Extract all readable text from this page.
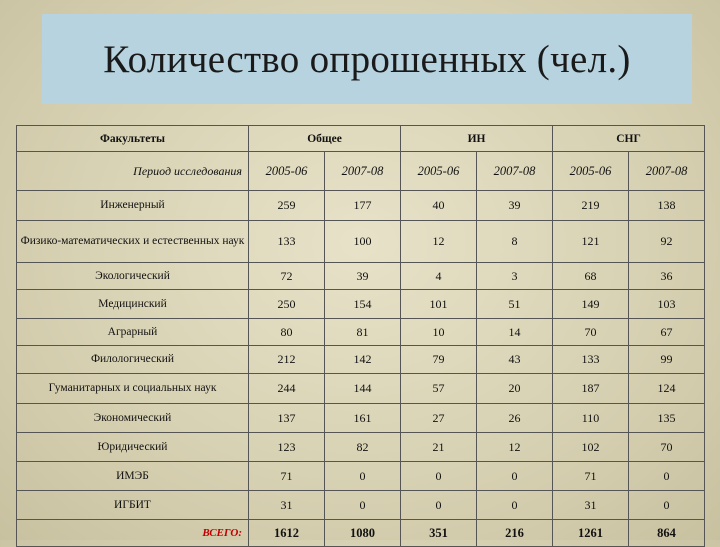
Количество опрошенных (чел.)
Факультеты	Общее		ИН		СНГ	
Период исследования	2005-06	2007-08	2005-06	2007-08	2005-06	2007-08
Инженерный	259	177	40	39	219	138
Физико-математических и естественных наук	133	100	12	8	121	92
Экологический	72	39	4	3	68	36
Медицинский	250	154	101	51	149	103
Аграрный	80	81	10	14	70	67
Филологический	212	142	79	43	133	99
Гуманитарных и социальных наук	244	144	57	20	187	124
Экономический	137	161	27	26	110	135
Юридический	123	82	21	12	102	70
ИМЭБ	71	0	0	0	71	0
ИГБИТ	31	0	0	0	31	0
ВСЕГО:	1612	1080	351	216	1261	864
